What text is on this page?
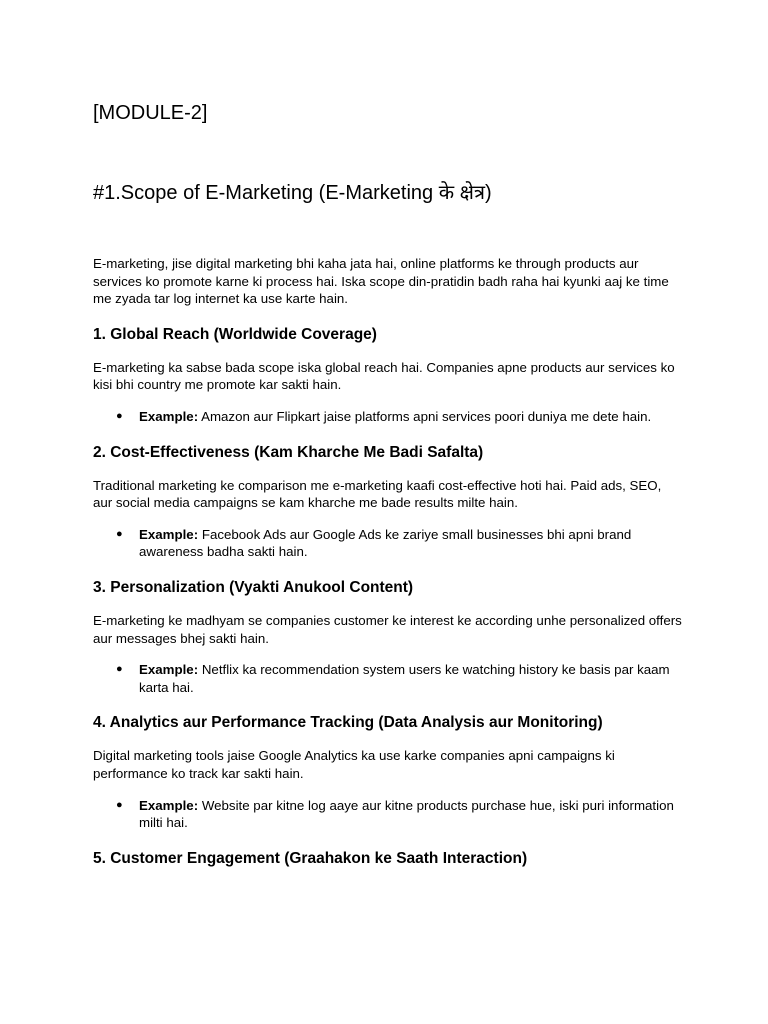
[MODULE-2]

#1.Scope of E-Marketing (E-Marketing के क्षेत्र)

E-marketing, jise digital marketing bhi kaha jata hai, online platforms ke through products aur services ko promote karne ki process hai. Iska scope din-pratidin badh raha hai kyunki aaj ke time me zyada tar log internet ka use karte hain.

1. Global Reach (Worldwide Coverage)

E-marketing ka sabse bada scope iska global reach hai. Companies apne products aur services ko kisi bhi country me promote kar sakti hain.

● Example: Amazon aur Flipkart jaise platforms apni services poori duniya me dete hain.

2. Cost-Effectiveness (Kam Kharche Me Badi Safalta)

Traditional marketing ke comparison me e-marketing kaafi cost-effective hoti hai. Paid ads, SEO, aur social media campaigns se kam kharche me bade results milte hain.

● Example: Facebook Ads aur Google Ads ke zariye small businesses bhi apni brand awareness badha sakti hain.

3. Personalization (Vyakti Anukool Content)

E-marketing ke madhyam se companies customer ke interest ke according unhe personalized offers aur messages bhej sakti hain.

● Example: Netflix ka recommendation system users ke watching history ke basis par kaam karta hai.

4. Analytics aur Performance Tracking (Data Analysis aur Monitoring)

Digital marketing tools jaise Google Analytics ka use karke companies apni campaigns ki performance ko track kar sakti hain.

● Example: Website par kitne log aaye aur kitne products purchase hue, iski puri information milti hai.

5. Customer Engagement (Graahakon ke Saath Interaction)
